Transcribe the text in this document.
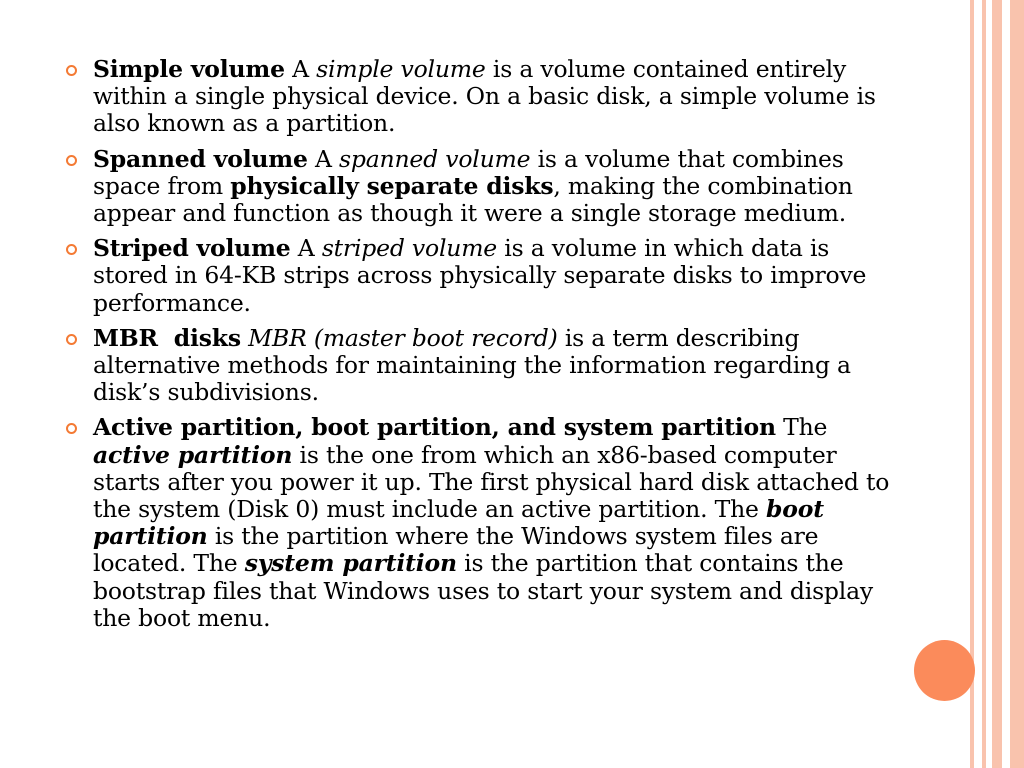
Simple volume A simple volume is a volume contained entirely within a single physical device. On a basic disk, a simple volume is also known as a partition.
Spanned volume A spanned volume is a volume that combines space from physically separate disks, making the combination appear and function as though it were a single storage medium.
Striped volume A striped volume is a volume in which data is stored in 64-KB strips across physically separate disks to improve performance.
MBR  disks MBR (master boot record) is a term describing alternative methods for maintaining the information regarding a disk’s subdivisions.
Active partition, boot partition, and system partition The active partition is the one from which an x86-based computer starts after you power it up. The first physical hard disk attached to the system (Disk 0) must include an active partition. The boot partition is the partition where the Windows system files are located. The system partition is the partition that contains the bootstrap files that Windows uses to start your system and display the boot menu.
